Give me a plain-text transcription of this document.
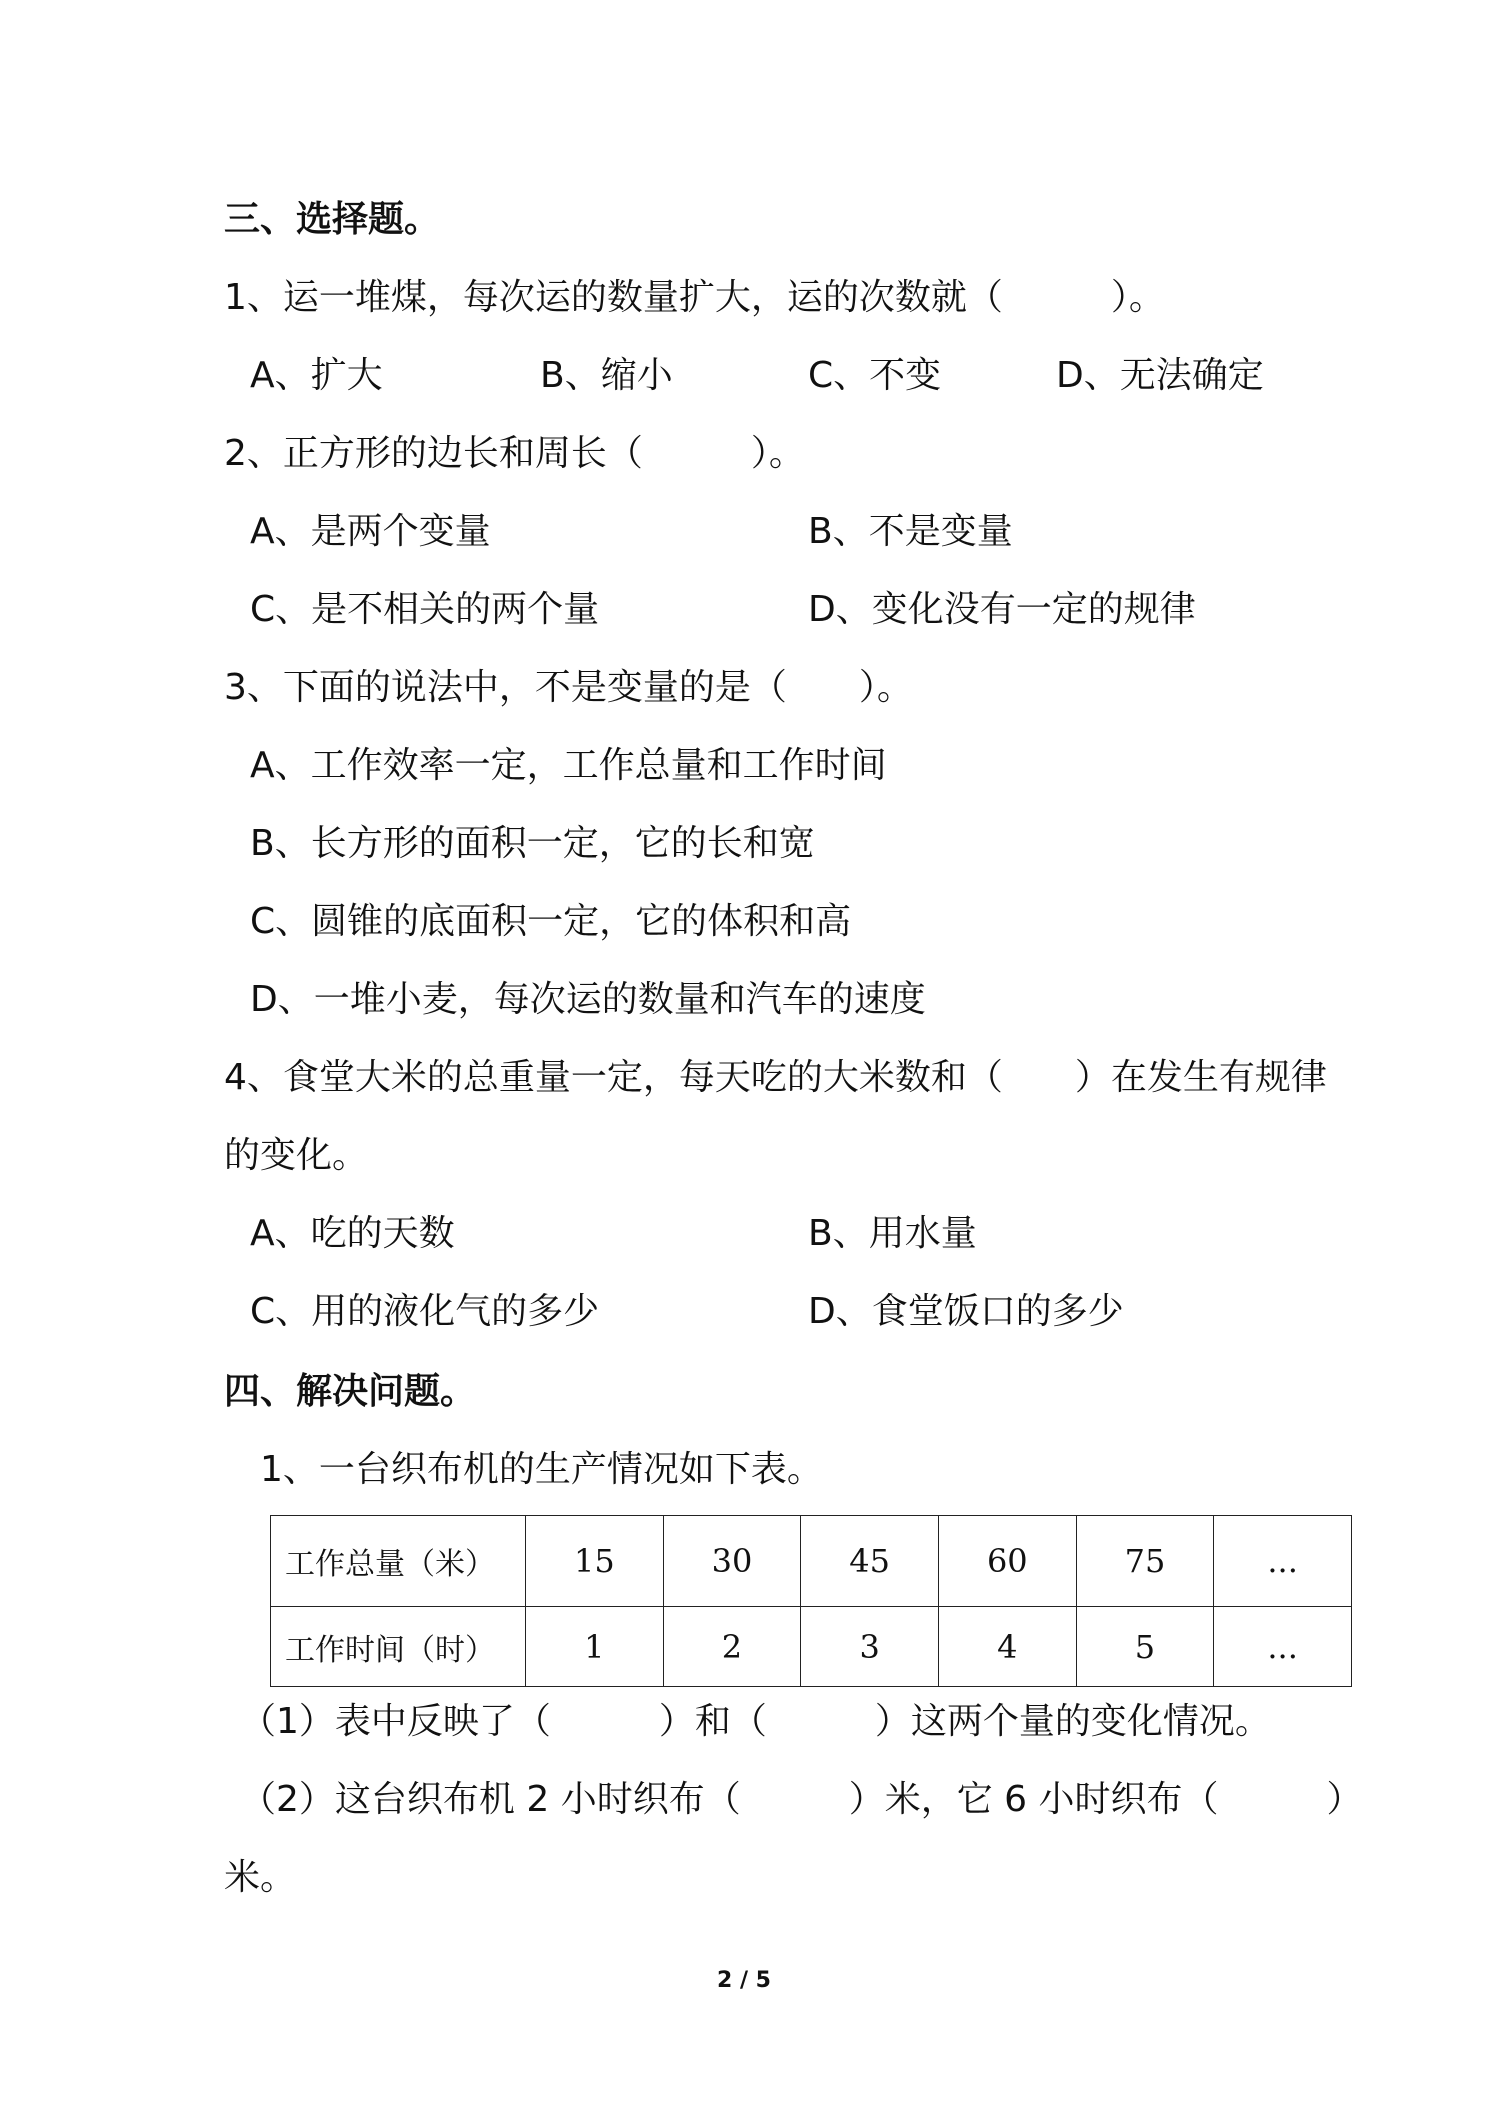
三、选择题。
1、运一堆煤，每次运的数量扩大，运的次数就（　　　）。
A、扩大	B、缩小	C、不变	D、无法确定
2、正方形的边长和周长（　　　）。
A、是两个变量	B、不是变量
C、是不相关的两个量	D、变化没有一定的规律
3、下面的说法中，不是变量的是（　　）。
A、工作效率一定，工作总量和工作时间
B、长方形的面积一定，它的长和宽
C、圆锥的底面积一定，它的体积和高
D、一堆小麦，每次运的数量和汽车的速度
4、食堂大米的总重量一定，每天吃的大米数和（　　）在发生有规律
的变化。
A、吃的天数	B、用水量
C、用的液化气的多少	D、食堂饭口的多少
四、解决问题。
1、一台织布机的生产情况如下表。
工作总量（米）	15	30	45	60	75	...
工作时间（时）	1	2	3	4	5	...
（1）表中反映了（　　　）和（　　　）这两个量的变化情况。
（2）这台织布机 2 小时织布（　　　）米，它 6 小时织布（　　　）
米。
2 / 5
